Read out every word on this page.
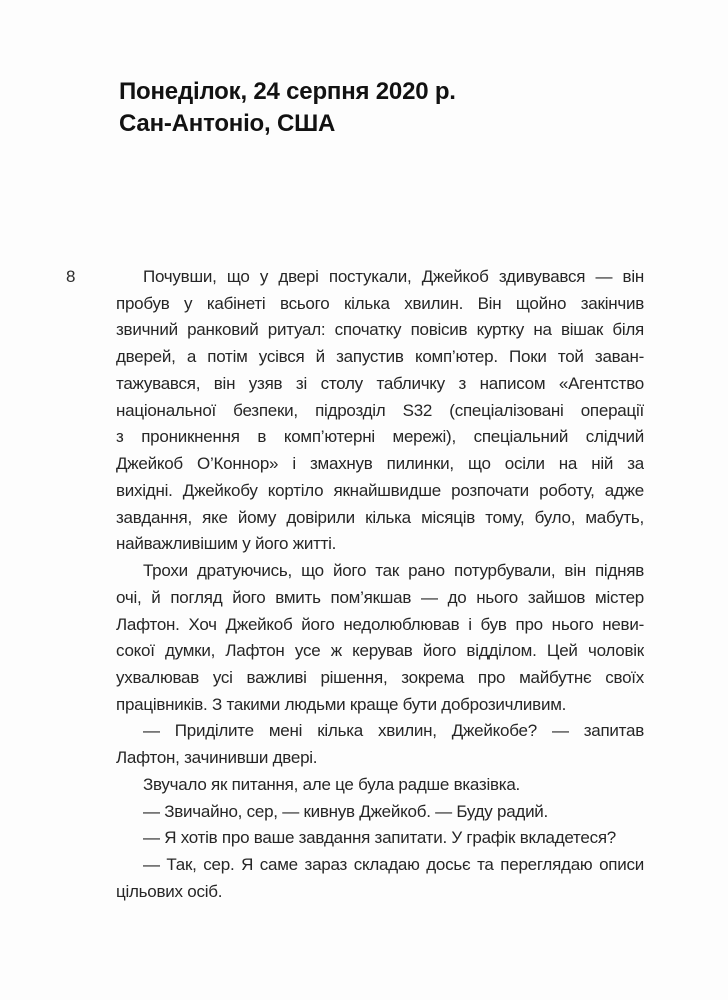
Понеділок, 24 серпня 2020 р.
Сан-Антоніо, США
8	Почувши, що у двері постукали, Джейкоб здивувався — він
пробув у кабінеті всього кілька хвилин. Він щойно закінчив
звичний ранковий ритуал: спочатку повісив куртку на вішак біля
дверей, а потім усівся й запустив комп’ютер. Поки той заван-
тажувався, він узяв зі столу табличку з написом «Агентство
національної безпеки, підрозділ S32 (спеціалізовані операції
з проникнення в комп’ютерні мережі), спеціальний слідчий
Джейкоб О’Коннор» і змахнув пилинки, що осіли на ній за
вихідні. Джейкобу кортіло якнайшвидше розпочати роботу, адже
завдання, яке йому довірили кілька місяців тому, було, мабуть,
найважливішим у його житті.
Трохи дратуючись, що його так рано потурбували, він підняв
очі, й погляд його вмить пом’якшав — до нього зайшов містер
Лафтон. Хоч Джейкоб його недолюблював і був про нього неви-
сокої думки, Лафтон усе ж керував його відділом. Цей чоловік
ухвалював усі важливі рішення, зокрема про майбутнє своїх
працівників. З такими людьми краще бути доброзичливим.
— Приділите мені кілька хвилин, Джейкобе? — запитав
Лафтон, зачинивши двері.
Звучало як питання, але це була радше вказівка.
— Звичайно, сер, — кивнув Джейкоб. — Буду радий.
— Я хотів про ваше завдання запитати. У графік вкладетеся?
— Так, сер. Я саме зараз складаю досьє та переглядаю описи
цільових осіб.
